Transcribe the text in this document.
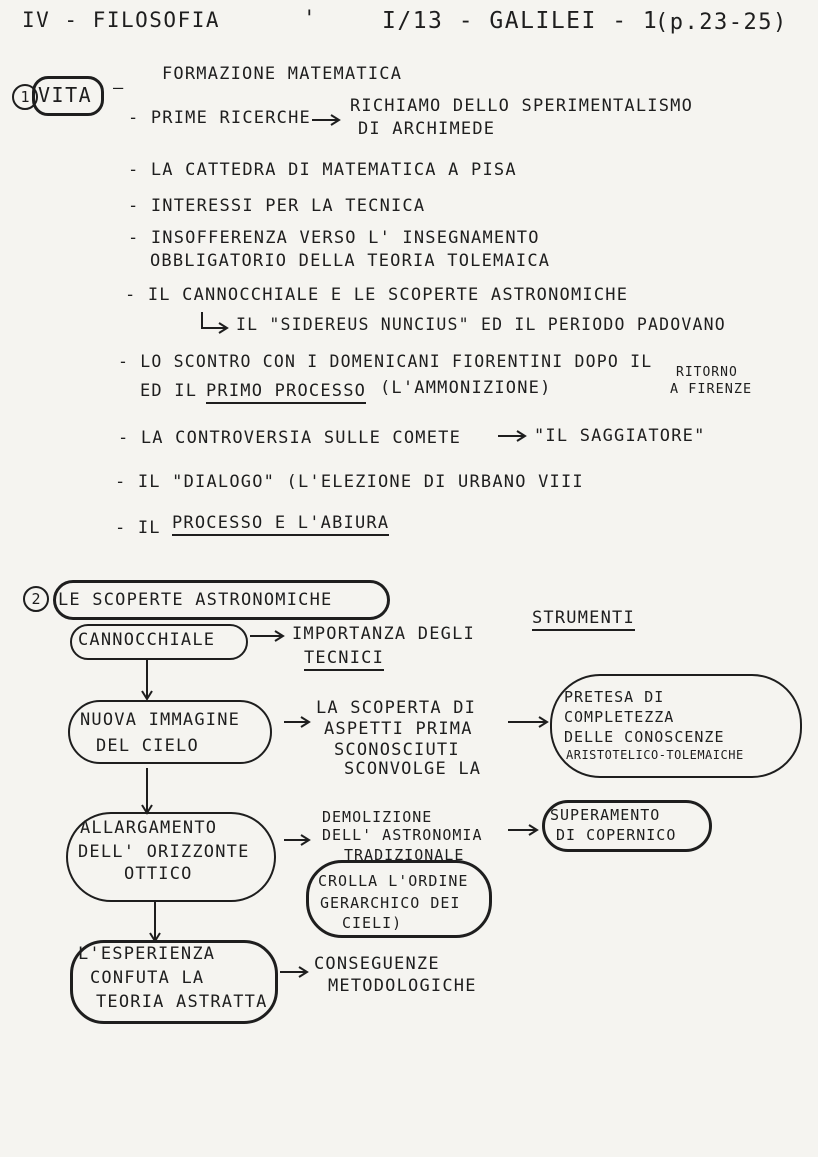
IV - FILOSOFIA	'	I/13 - GALILEI - 1
(p.23-25)
1 VITA —
FORMAZIONE MATEMATICA
- PRIME RICERCHE
RICHIAMO DELLO SPERIMENTALISMO
DI ARCHIMEDE
- LA CATTEDRA DI MATEMATICA A PISA
- INTERESSI PER LA TECNICA
- INSOFFERENZA VERSO L' INSEGNAMENTO
OBBLIGATORIO DELLA TEORIA TOLEMAICA
- IL CANNOCCHIALE E LE SCOPERTE ASTRONOMICHE
IL "SIDEREUS NUNCIUS" ED IL PERIODO PADOVANO
- LO SCONTRO CON I DOMENICANI FIORENTINI DOPO IL
RITORNO
ED IL PRIMO PROCESSO (L'AMMONIZIONE)	A FIRENZE
- LA CONTROVERSIA SULLE COMETE	"IL SAGGIATORE"
- IL "DIALOGO" (L'ELEZIONE DI URBANO VIII
- IL PROCESSO E L'ABIURA
2	LE SCOPERTE ASTRONOMICHE
CANNOCCHIALE	IMPORTANZA DEGLI
STRUMENTI
TECNICI
NUOVA IMMAGINE
DEL CIELO
LA SCOPERTA DI
ASPETTI PRIMA
SCONOSCIUTI
SCONVOLGE LA
PRETESA DI
COMPLETEZZA
DELLE CONOSCENZE
ARISTOTELICO-TOLEMAICHE
ALLARGAMENTO
DELL' ORIZZONTE
OTTICO
DEMOLIZIONE
DELL' ASTRONOMIA
TRADIZIONALE
SUPERAMENTO
DI COPERNICO
CROLLA L'ORDINE
GERARCHICO DEI
CIELI)
L'ESPERIENZA
CONFUTA LA
TEORIA ASTRATTA
CONSEGUENZE
METODOLOGICHE
